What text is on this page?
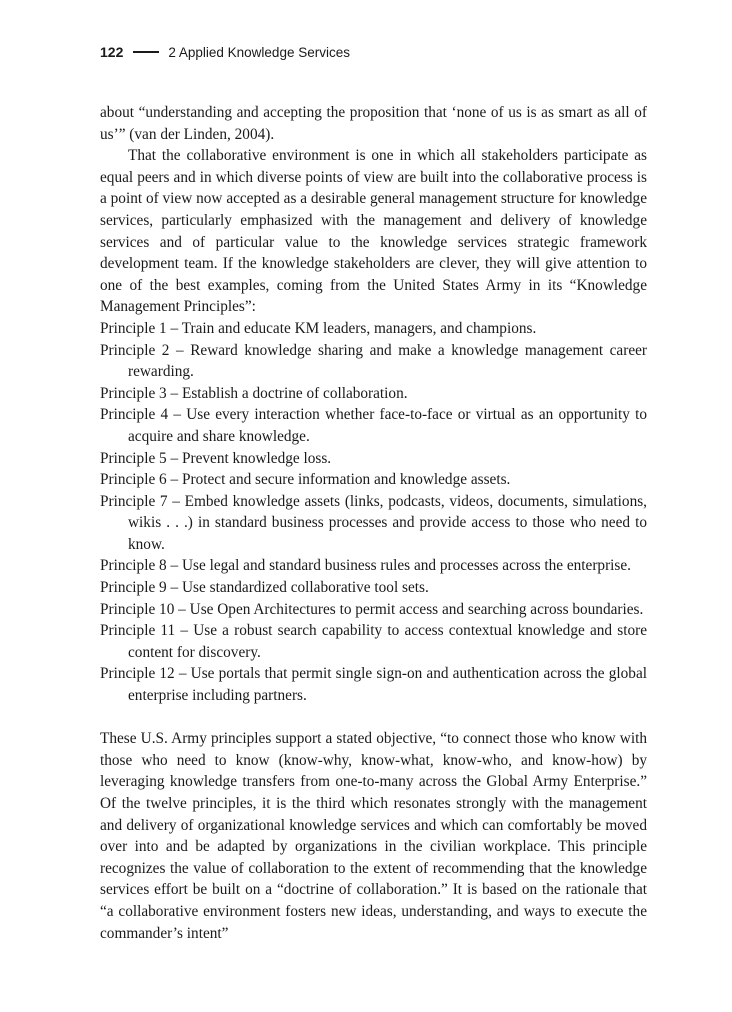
122	2 Applied Knowledge Services

about “understanding and accepting the proposition that ‘none of us is as smart as all of us’” (van der Linden, 2004).

That the collaborative environment is one in which all stakeholders participate as equal peers and in which diverse points of view are built into the collaborative process is a point of view now accepted as a desirable general management structure for knowledge services, particularly emphasized with the management and delivery of knowledge services and of particular value to the knowledge services strategic framework development team. If the knowledge stakeholders are clever, they will give attention to one of the best examples, coming from the United States Army in its “Knowledge Management Principles”:

Principle 1 – Train and educate KM leaders, managers, and champions.
Principle 2 – Reward knowledge sharing and make a knowledge management career rewarding.
Principle 3 – Establish a doctrine of collaboration.
Principle 4 – Use every interaction whether face-to-face or virtual as an opportunity to acquire and share knowledge.
Principle 5 – Prevent knowledge loss.
Principle 6 – Protect and secure information and knowledge assets.
Principle 7 – Embed knowledge assets (links, podcasts, videos, documents, simulations, wikis . . .) in standard business processes and provide access to those who need to know.
Principle 8 – Use legal and standard business rules and processes across the enterprise.
Principle 9 – Use standardized collaborative tool sets.
Principle 10 – Use Open Architectures to permit access and searching across boundaries.
Principle 11 – Use a robust search capability to access contextual knowledge and store content for discovery.
Principle 12 – Use portals that permit single sign-on and authentication across the global enterprise including partners.

These U.S. Army principles support a stated objective, “to connect those who know with those who need to know (know-why, know-what, know-who, and know-how) by leveraging knowledge transfers from one-to-many across the Global Army Enterprise.” Of the twelve principles, it is the third which resonates strongly with the management and delivery of organizational knowledge services and which can comfortably be moved over into and be adapted by organizations in the civilian workplace. This principle recognizes the value of collaboration to the extent of recommending that the knowledge services effort be built on a “doctrine of collaboration.” It is based on the rationale that “a collaborative environment fosters new ideas, understanding, and ways to execute the commander’s intent”
